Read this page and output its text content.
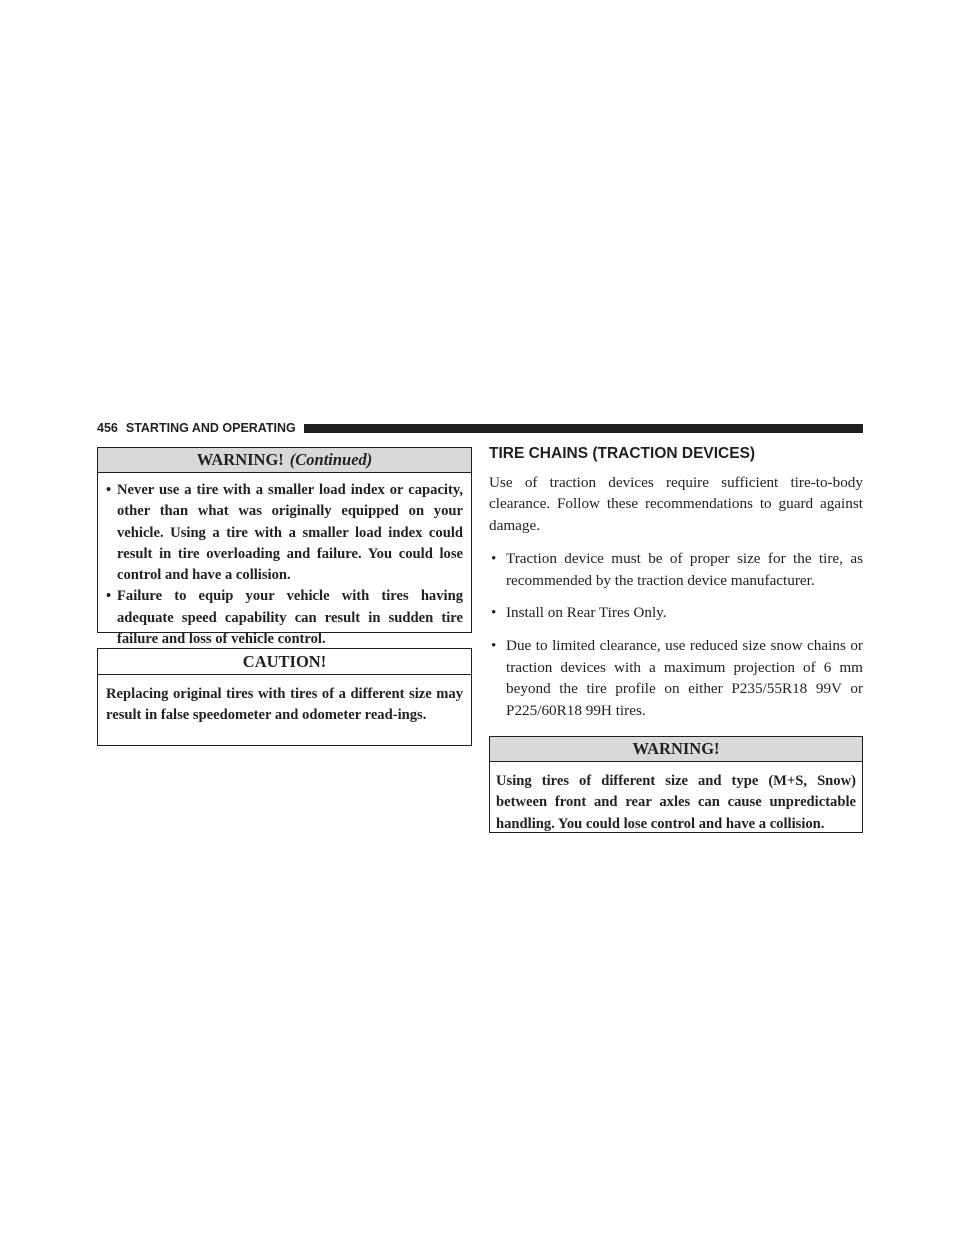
456 STARTING AND OPERATING
WARNING! (Continued)
• Never use a tire with a smaller load index or capacity, other than what was originally equipped on your vehicle. Using a tire with a smaller load index could result in tire overloading and failure. You could lose control and have a collision.
• Failure to equip your vehicle with tires having adequate speed capability can result in sudden tire failure and loss of vehicle control.
CAUTION!
Replacing original tires with tires of a different size may result in false speedometer and odometer read-ings.
TIRE CHAINS (TRACTION DEVICES)
Use of traction devices require sufficient tire-to-body clearance. Follow these recommendations to guard against damage.
• Traction device must be of proper size for the tire, as recommended by the traction device manufacturer.
• Install on Rear Tires Only.
• Due to limited clearance, use reduced size snow chains or traction devices with a maximum projection of 6 mm beyond the tire profile on either P235/55R18 99V or P225/60R18 99H tires.
WARNING!
Using tires of different size and type (M+S, Snow) between front and rear axles can cause unpredictable handling. You could lose control and have a collision.
